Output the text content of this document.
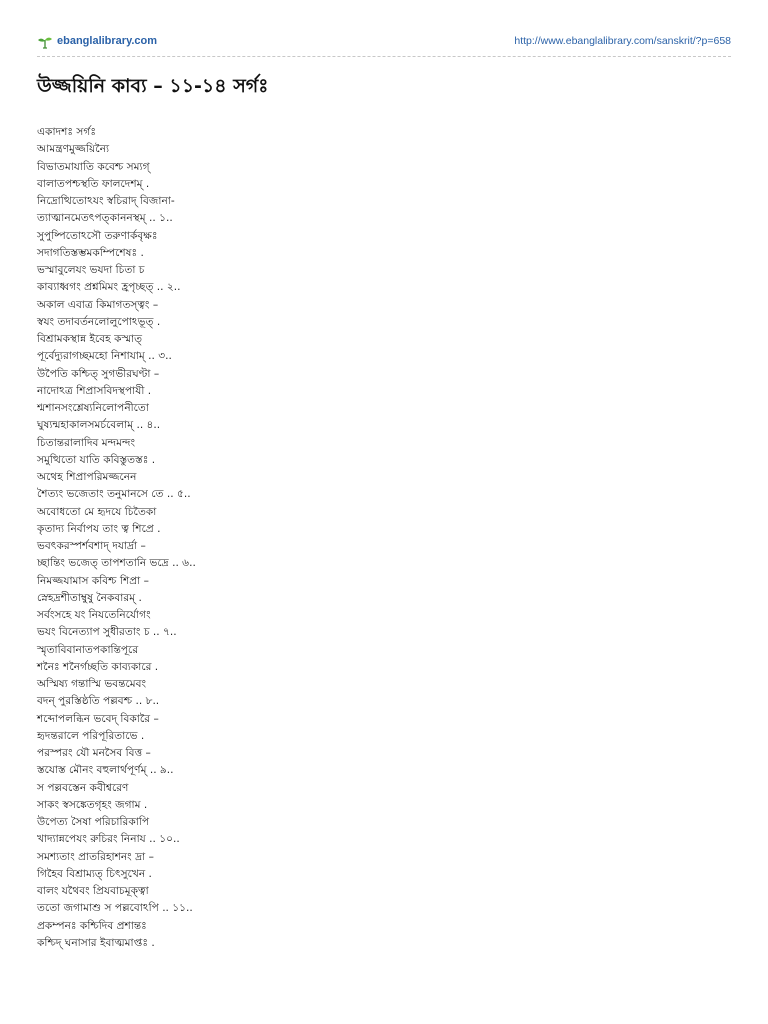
ebanglalibrary.com	http://www.ebanglalibrary.com/sanskrit/?p=658
উজ্জয়িনি কাব্য – ১১-১৪ সর্গঃ
একাদশঃ সর্গঃ
আমন্ত্রণমুজ্জয়িন্যৈ
বিভাতমাযাতি কবেশ্চ সম্যগ্
বালাতপশ্চস্থতি ফালদেশম্ .
নিদ্রোত্থিতোঽযং স্বচিরাদ্ বিজানা-
ত্যাত্মানমেতৎপত্কাননস্থম্ .. ১..
সুপুষ্পিতোঽসৌ তরুণার্কবৃক্ষঃ
সদাগতিস্তম্ভমকম্পিশেষঃ .
ভস্মাবুলেযং ভযদা চিতা চ
কাব্যাধ্বগং প্রশ্নমিমং হ্রপৃচ্ছত্ .. ২..
অকাল এবাত্র কিমাগতস্ত্বং –
স্বযং তদাবর্তনলোলুপোঽভূত্ .
বিশ্রামকস্থান্ন ইবেহ কস্মাত্
পূর্বেদ্যুরাগচ্ছমহো নিশাযাম্ .. ৩..
উপৈতি কশ্চিত্ সুগভীরঘণ্টা –
নাদোঽত্র শিপ্রাসবিদস্থপাযী .
শ্মশানসংশ্লেষ্যনিলোপনীতো
ঘুষ্যন্মহাকালসমর্চবেলাম্ .. ৪..
চিতান্তরালাদিব মন্দমন্দং
সমুত্থিতো যাতি কবিস্তুতস্তঃ .
অথেহ শিপ্রাপরিমজ্জনেন
শৈত্যং ভজেতাং তনুমানসে তে .. ৫..
অবোধতো মে হৃদযে চিতৈকা
কৃতাদ্য নির্বাপয তাং ত্ব শিপ্রে .
ভবৎকরস্পর্শবশাদ্ দযার্দ্রা –
চ্ছান্তিং ভজেত্ তাপশতানি ভদ্রে .. ৬..
নিমজ্জযামাস কবিশ্চ শিপ্রা –
স্নেহদ্রশীতাম্বুষু নৈকবারম্ .
সর্বংসহে যং নিযতেনির্যোগং
ভযং বিনেত্যাপ সুধীরতাং চ .. ৭..
স্মৃতাবিবানাতপকান্তিপূরে
শনৈঃ শনৈর্গচ্ছতি কাব্যকারে .
অস্মিষ্য গন্তাস্মি ভবন্তমেবং
বদন্ পুরস্তিষ্ঠতি পল্লবশ্চ .. ৮..
শব্দোপলব্ধিন ভবেদ্ বিকারৈ –
হৃদন্তরালে পরিপূরিতাভে .
পরস্পরং যৌ মনসৈব বিত্ত –
স্তযোস্ত মৌনং বহুলার্থপূর্ণম্ .. ৯..
স পল্লবস্তেন কবীশ্বরেণ
সাকং স্বসঙ্কেতগৃহং জগাম .
উপেত্য সৈষা পরিচারিকাপি
খাদ্যান্নপেযং রুচিরং নিনায .. ১০..
সমশ্যতাং প্রাতরিহাশনং দ্রা –
গিহৈব বিশ্রাম্যত্ চিৎসুখেন .
বালং যথৈবং প্রিযবাচমূক্ত্বা
ততো জগামাশু স পল্লবোঽপি .. ১১..
প্রকম্পনঃ কশ্চিদিব প্রশান্তঃ
কশ্চিদ্ ঘনাসার ইবাত্মমাপ্তঃ .
